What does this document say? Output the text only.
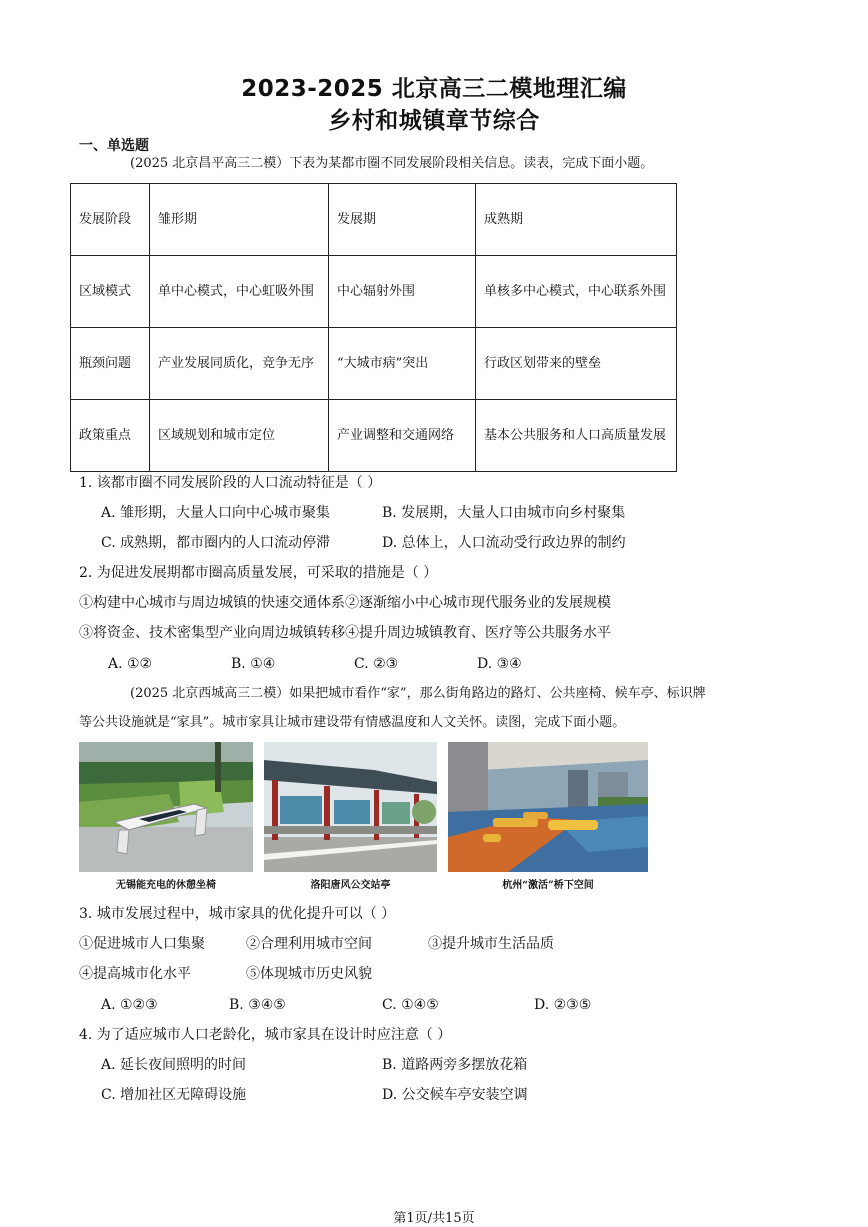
2023-2025 北京高三二模地理汇编
乡村和城镇章节综合
一、单选题
(2025 北京昌平高三二模）下表为某都市圈不同发展阶段相关信息。读表，完成下面小题。
发展阶段	雏形期	发展期	成熟期
区域模式	单中心模式，中心虹吸外围	中心辐射外围	单核多中心模式，中心联系外围
瓶颈问题	产业发展同质化，竞争无序	“大城市病”突出	行政区划带来的壁垒
政策重点	区域规划和城市定位	产业调整和交通网络	基本公共服务和人口高质量发展
1. 该都市圈不同发展阶段的人口流动特征是（ ）
A. 雏形期，大量人口向中心城市聚集	B. 发展期，大量人口由城市向乡村聚集
C. 成熟期，都市圈内的人口流动停滞	D. 总体上，人口流动受行政边界的制约
2. 为促进发展期都市圈高质量发展，可采取的措施是（ ）
①构建中心城市与周边城镇的快速交通体系②逐渐缩小中心城市现代服务业的发展规模
③将资金、技术密集型产业向周边城镇转移④提升周边城镇教育、医疗等公共服务水平
A. ①②	B. ①④	C. ②③	D. ③④
(2025 北京西城高三二模）如果把城市看作“家”，那么街角路边的路灯、公共座椅、候车亭、标识牌
等公共设施就是“家具”。城市家具让城市建设带有情感温度和人文关怀。读图，完成下面小题。
无锡能充电的休憩坐椅	洛阳唐风公交站亭	杭州“激活”桥下空间
3. 城市发展过程中，城市家具的优化提升可以（ ）
①促进城市人口集聚	②合理利用城市空间	③提升城市生活品质
④提高城市化水平	⑤体现城市历史风貌
A. ①②③	B. ③④⑤	C. ①④⑤	D. ②③⑤
4. 为了适应城市人口老龄化，城市家具在设计时应注意（ ）
A. 延长夜间照明的时间	B. 道路两旁多摆放花箱
C. 增加社区无障碍设施	D. 公交候车亭安装空调
第1页/共15页
